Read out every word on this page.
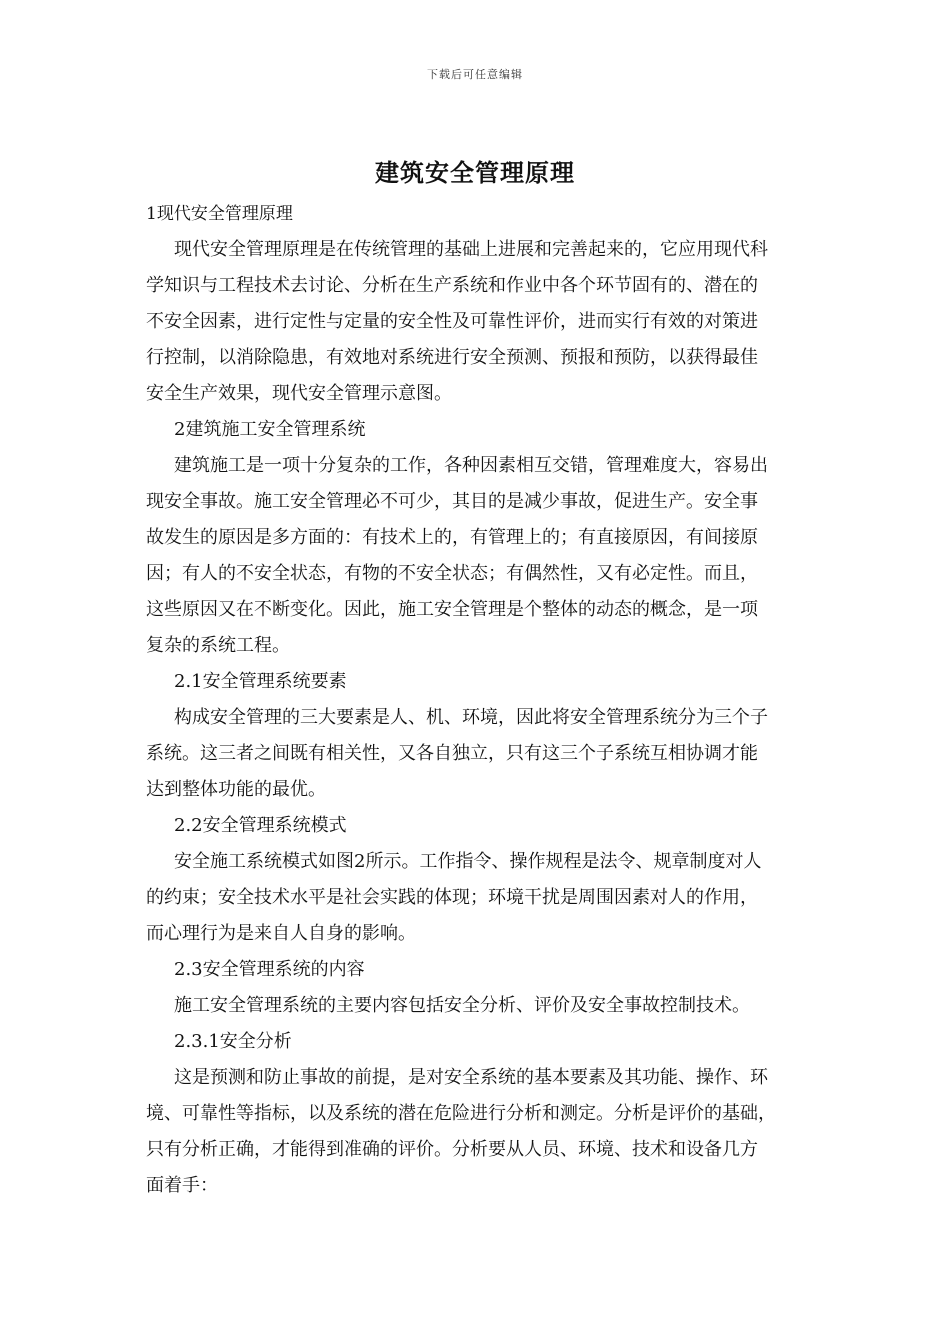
下载后可任意编辑
建筑安全管理原理

1现代安全管理原理

现代安全管理原理是在传统管理的基础上进展和完善起来的，它应用现代科

学知识与工程技术去讨论、分析在生产系统和作业中各个环节固有的、潜在的

不安全因素，进行定性与定量的安全性及可靠性评价，进而实行有效的对策进

行控制，以消除隐患，有效地对系统进行安全预测、预报和预防，以获得最佳

安全生产效果，现代安全管理示意图。

2建筑施工安全管理系统

建筑施工是一项十分复杂的工作，各种因素相互交错，管理难度大，容易出

现安全事故。施工安全管理必不可少，其目的是减少事故，促进生产。安全事

故发生的原因是多方面的：有技术上的，有管理上的；有直接原因，有间接原

因；有人的不安全状态，有物的不安全状态；有偶然性，又有必定性。而且，

这些原因又在不断变化。因此，施工安全管理是个整体的动态的概念，是一项

复杂的系统工程。

2.1安全管理系统要素

构成安全管理的三大要素是人、机、环境，因此将安全管理系统分为三个子

系统。这三者之间既有相关性，又各自独立，只有这三个子系统互相协调才能

达到整体功能的最优。

2.2安全管理系统模式

安全施工系统模式如图2所示。工作指令、操作规程是法令、规章制度对人

的约束；安全技术水平是社会实践的体现；环境干扰是周围因素对人的作用，

而心理行为是来自人自身的影响。

2.3安全管理系统的内容

施工安全管理系统的主要内容包括安全分析、评价及安全事故控制技术。

2.3.1安全分析

这是预测和防止事故的前提，是对安全系统的基本要素及其功能、操作、环

境、可靠性等指标，以及系统的潜在危险进行分析和测定。分析是评价的基础，

只有分析正确，才能得到准确的评价。分析要从人员、环境、技术和设备几方

面着手：
